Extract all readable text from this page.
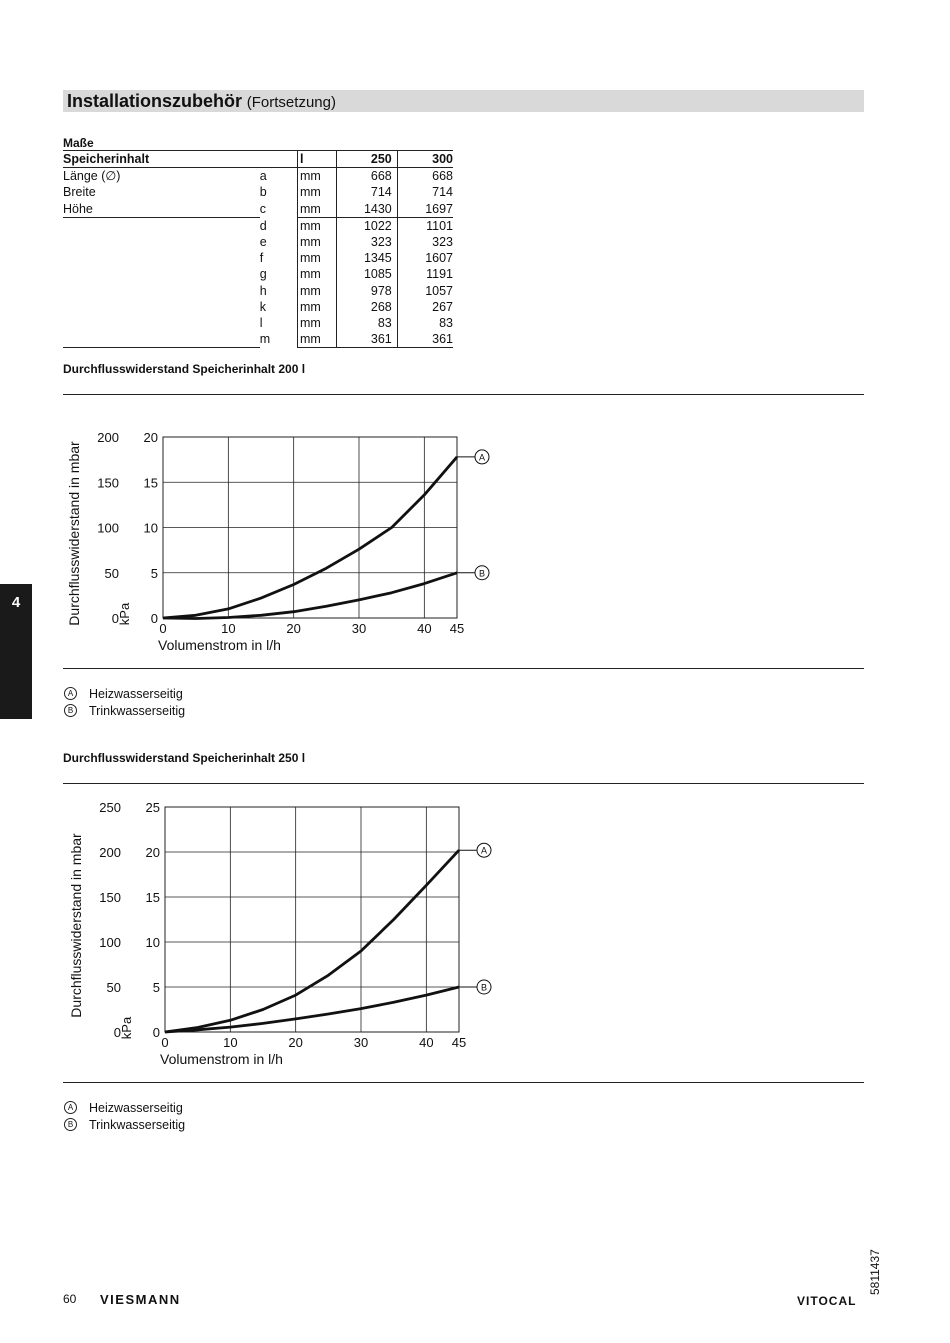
Installationszubehör (Fortsetzung)
Maße
Speicherinhalt		l	250	300
Länge (∅)	a	mm	668	668
Breite	b	mm	714	714
Höhe	c	mm	1430	1697
	d	mm	1022	1101
	e	mm	323	323
	f	mm	1345	1607
	g	mm	1085	1191
	h	mm	978	1057
	k	mm	268	267
	l	mm	83	83
	m	mm	361	361
Durchflusswiderstand Speicherinhalt 200 l
0	10	20	30	40 45
0
0
5
50
10
100
15
150
20
200
Volumenstrom in l/h
Durchflusswiderstand in mbar	kPa
A
B
A	Heizwasserseitig
B	Trinkwasserseitig
Durchflusswiderstand Speicherinhalt 250 l
0	10	20	30	40 45
0
0
5
50
10
100
15
150
20
200
25
250
Volumenstrom in l/h
Durchflusswiderstand in mbar
kPa
A
B
A	Heizwasserseitig
B	Trinkwasserseitig
4
60 VIESMANN	VITOCAL
5811437
